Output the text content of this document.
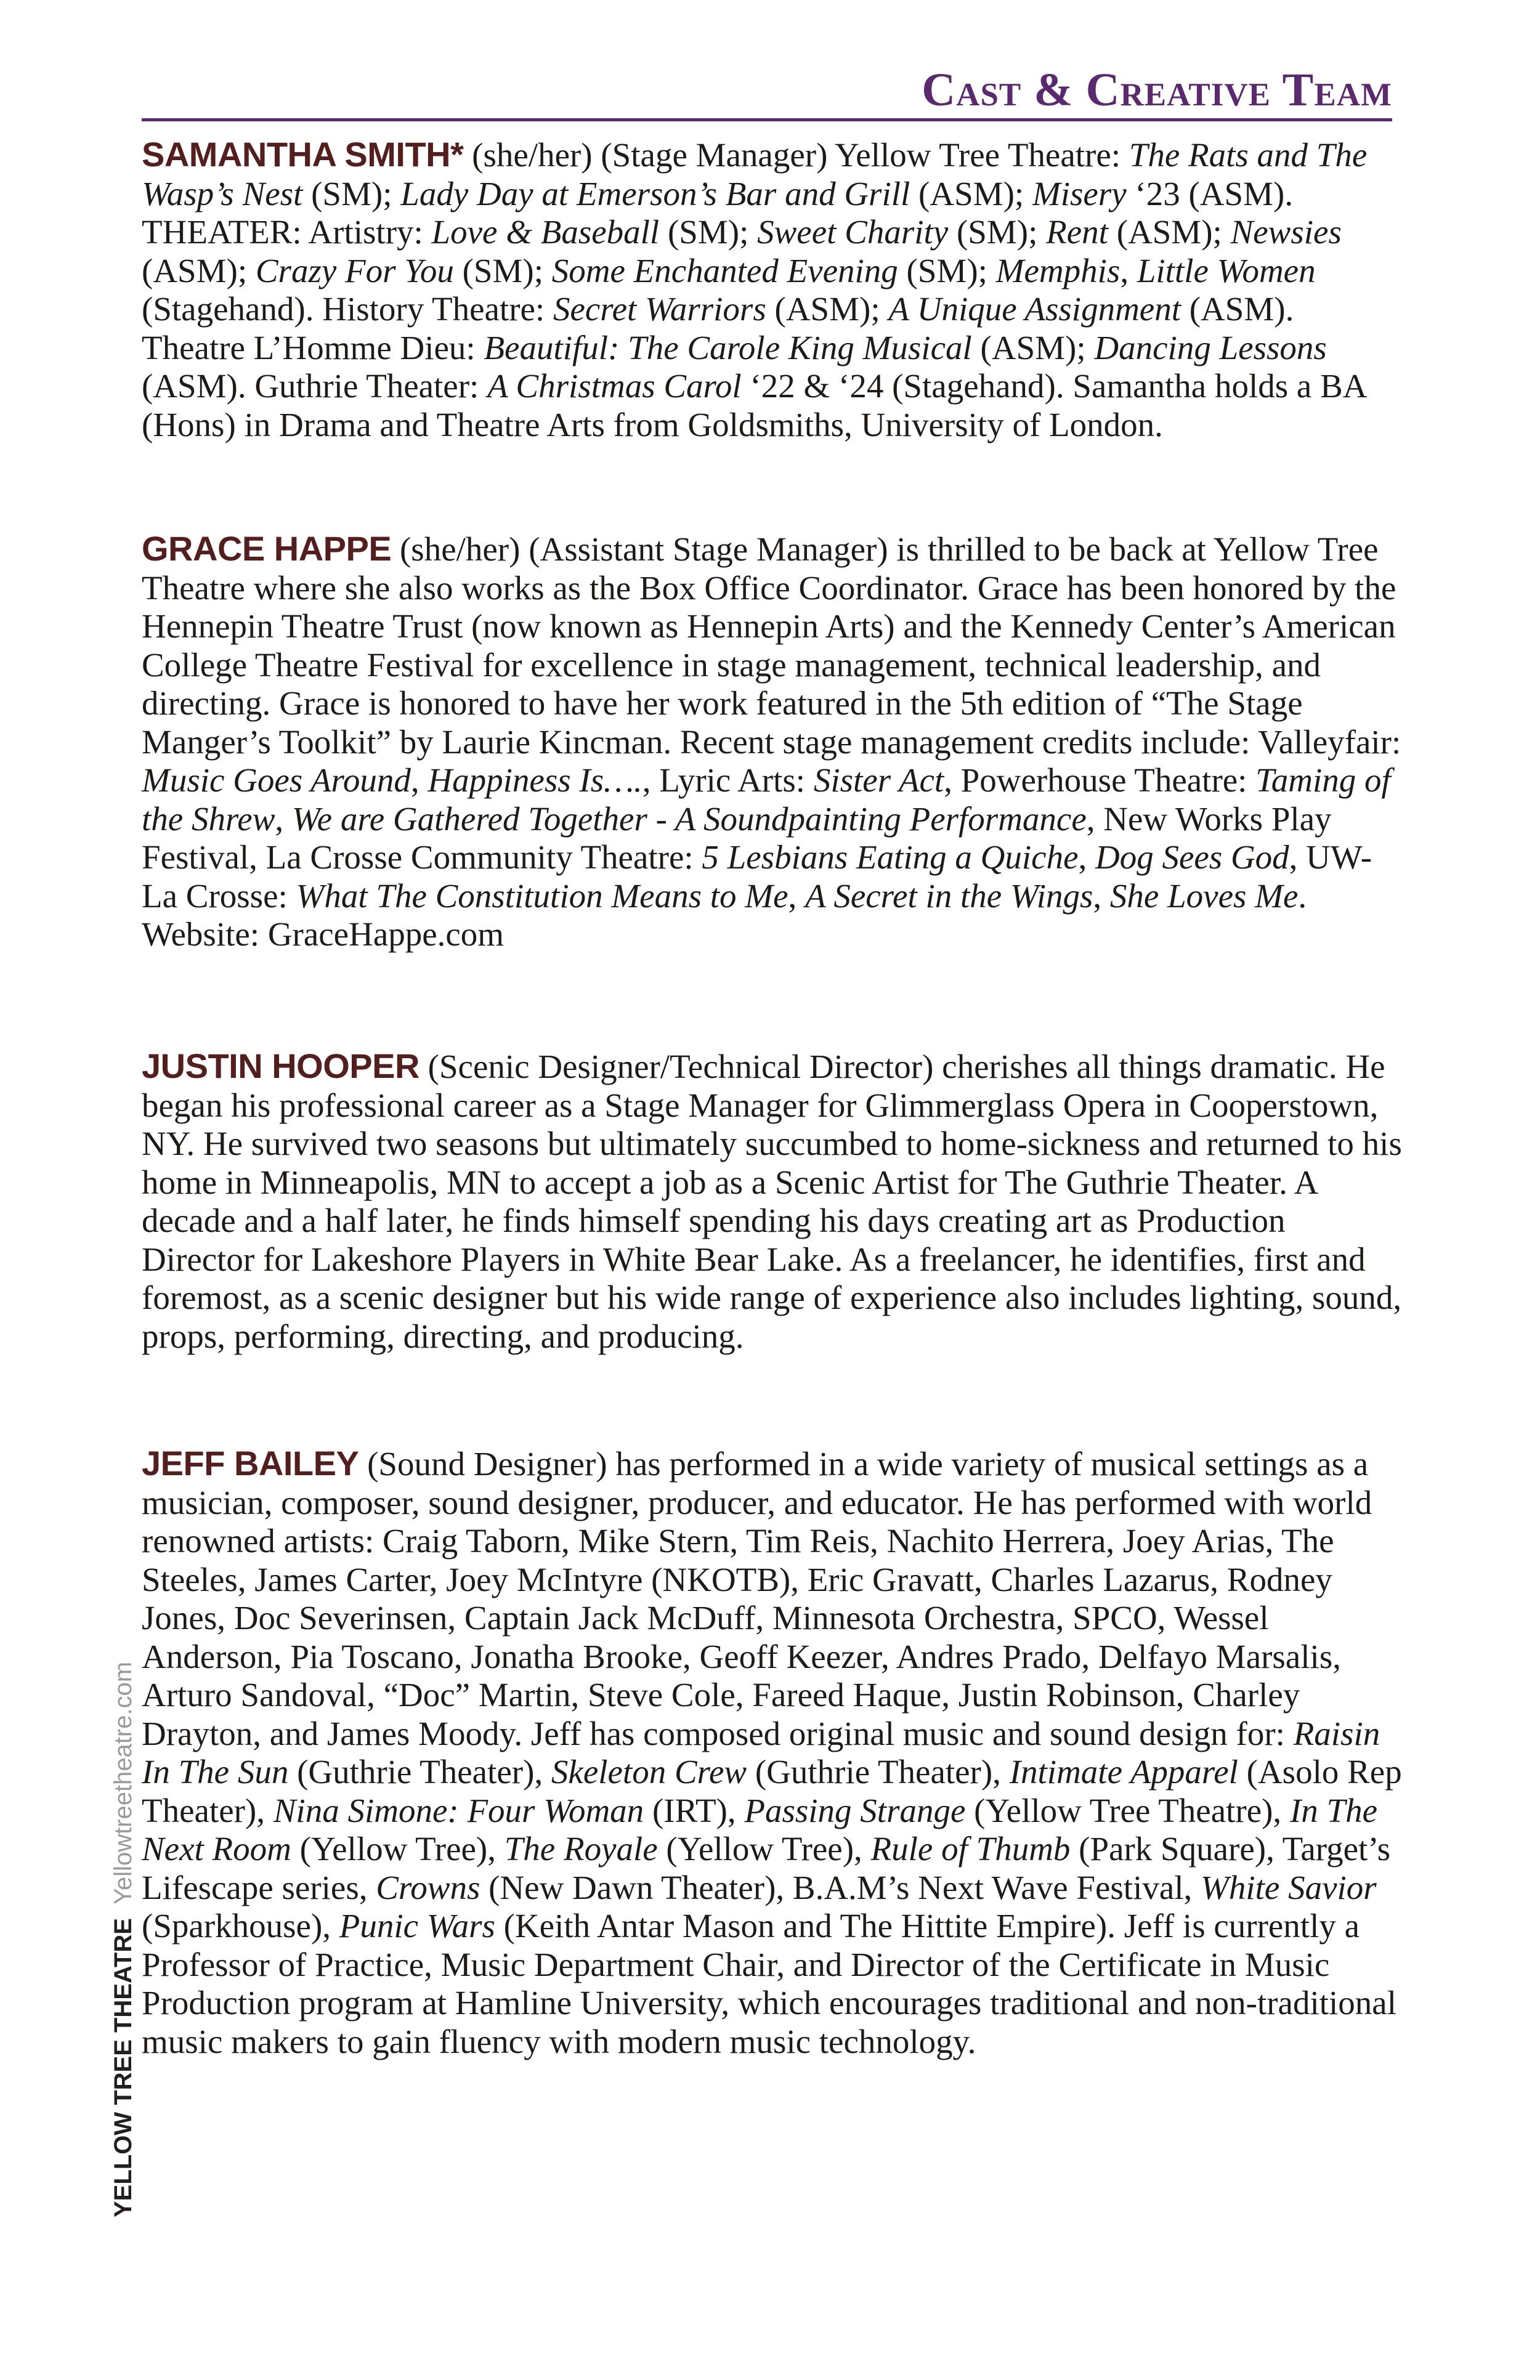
Cast & Creative Team

SAMANTHA SMITH* (she/her) (Stage Manager) Yellow Tree Theatre: The Rats and The Wasp’s Nest (SM); Lady Day at Emerson’s Bar and Grill (ASM); Misery ‘23 (ASM). THEATER: Artistry: Love & Baseball (SM); Sweet Charity (SM); Rent (ASM); Newsies (ASM); Crazy For You (SM); Some Enchanted Evening (SM); Memphis, Little Women (Stagehand). History Theatre: Secret Warriors (ASM); A Unique Assignment (ASM). Theatre L’Homme Dieu: Beautiful: The Carole King Musical (ASM); Dancing Lessons (ASM). Guthrie Theater: A Christmas Carol ‘22 & ‘24 (Stagehand). Samantha holds a BA (Hons) in Drama and Theatre Arts from Goldsmiths, University of London.

GRACE HAPPE (she/her) (Assistant Stage Manager) is thrilled to be back at Yellow Tree Theatre where she also works as the Box Office Coordinator. Grace has been honored by the Hennepin Theatre Trust (now known as Hennepin Arts) and the Kennedy Center’s American College Theatre Festival for excellence in stage management, technical leadership, and directing. Grace is honored to have her work featured in the 5th edition of “The Stage Manger’s Toolkit” by Laurie Kincman. Recent stage management credits include: Valleyfair: Music Goes Around, Happiness Is…., Lyric Arts: Sister Act, Powerhouse Theatre: Taming of the Shrew, We are Gathered Together - A Soundpainting Performance, New Works Play Festival, La Crosse Community Theatre: 5 Lesbians Eating a Quiche, Dog Sees God, UW-La Crosse: What The Constitution Means to Me, A Secret in the Wings, She Loves Me. Website: GraceHappe.com

JUSTIN HOOPER (Scenic Designer/Technical Director) cherishes all things dramatic. He began his professional career as a Stage Manager for Glimmerglass Opera in Cooperstown, NY. He survived two seasons but ultimately succumbed to home-sickness and returned to his home in Minneapolis, MN to accept a job as a Scenic Artist for The Guthrie Theater. A decade and a half later, he finds himself spending his days creating art as Production Director for Lakeshore Players in White Bear Lake. As a freelancer, he identifies, first and foremost, as a scenic designer but his wide range of experience also includes lighting, sound, props, performing, directing, and producing.

JEFF BAILEY (Sound Designer) has performed in a wide variety of musical settings as a musician, composer, sound designer, producer, and educator. He has performed with world renowned artists: Craig Taborn, Mike Stern, Tim Reis, Nachito Herrera, Joey Arias, The Steeles, James Carter, Joey McIntyre (NKOTB), Eric Gravatt, Charles Lazarus, Rodney Jones, Doc Severinsen, Captain Jack McDuff, Minnesota Orchestra, SPCO, Wessel Anderson, Pia Toscano, Jonatha Brooke, Geoff Keezer, Andres Prado, Delfayo Marsalis, Arturo Sandoval, “Doc” Martin, Steve Cole, Fareed Haque, Justin Robinson, Charley Drayton, and James Moody. Jeff has composed original music and sound design for: Raisin In The Sun (Guthrie Theater), Skeleton Crew (Guthrie Theater), Intimate Apparel (Asolo Rep Theater), Nina Simone: Four Woman (IRT), Passing Strange (Yellow Tree Theatre), In The Next Room (Yellow Tree), The Royale (Yellow Tree), Rule of Thumb (Park Square), Target’s Lifescape series, Crowns (New Dawn Theater), B.A.M’s Next Wave Festival, White Savior (Sparkhouse), Punic Wars (Keith Antar Mason and The Hittite Empire). Jeff is currently a Professor of Practice, Music Department Chair, and Director of the Certificate in Music Production program at Hamline University, which encourages traditional and non-traditional music makers to gain fluency with modern music technology.

YELLOW TREE THEATREYellowtreetheatre.com
